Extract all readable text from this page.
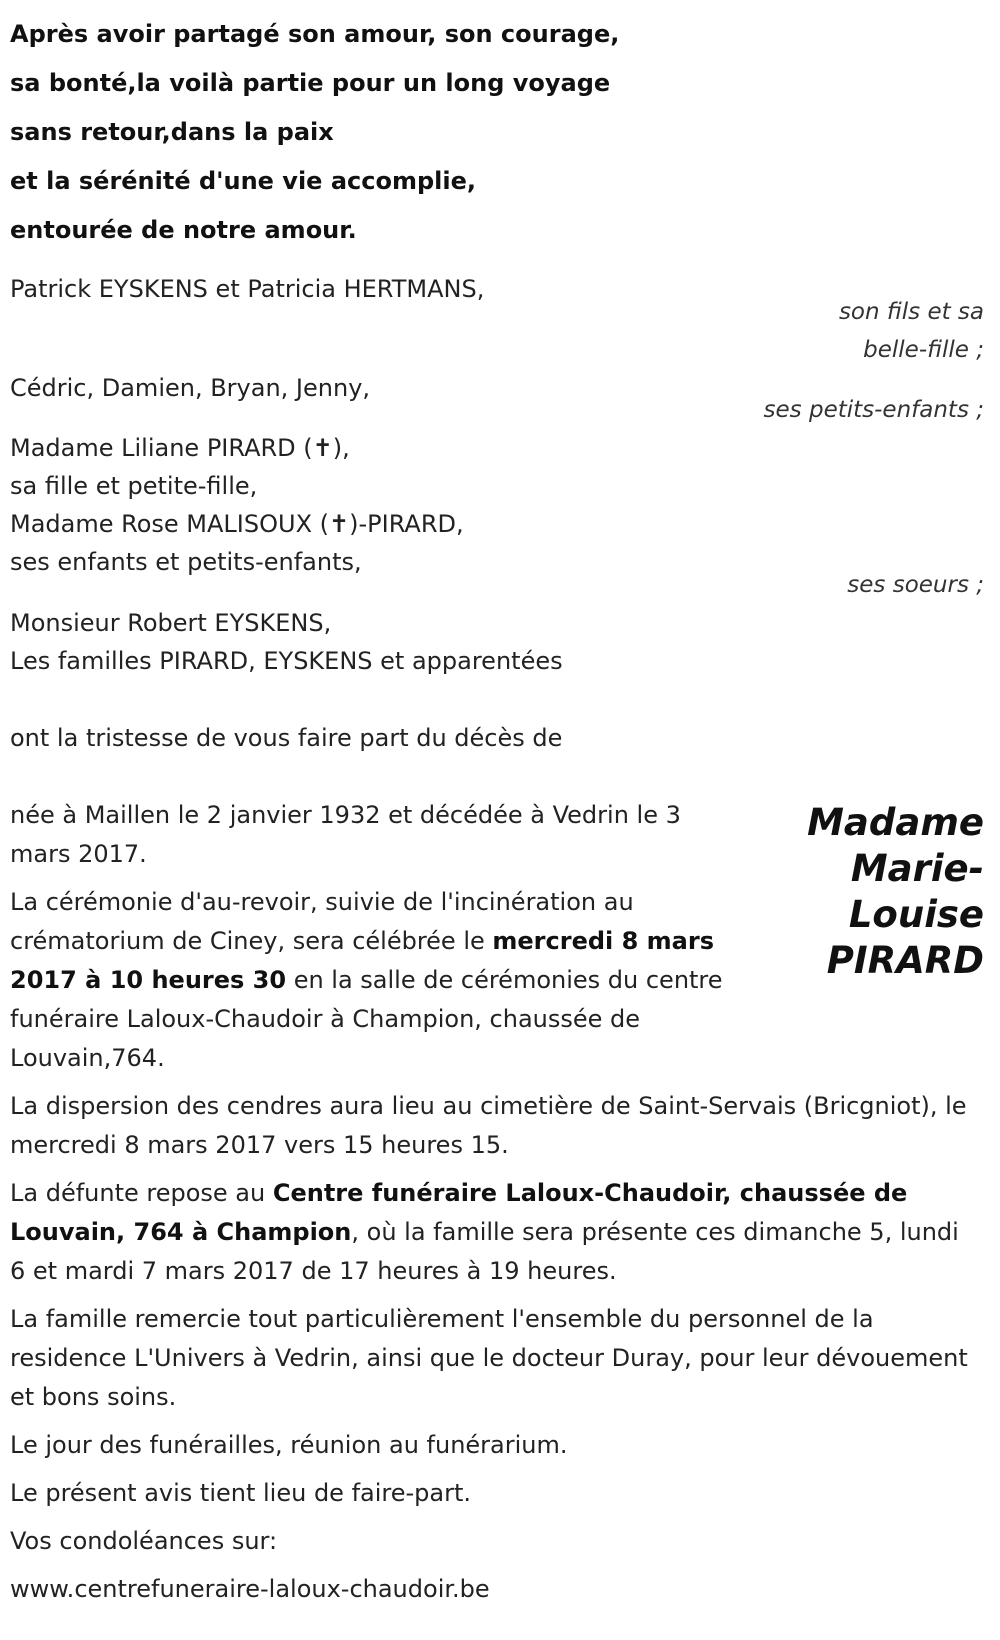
Après avoir partagé son amour, son courage,
sa bonté,la voilà partie pour un long voyage
sans retour,dans la paix
et la sérénité d'une vie accomplie,
entourée de notre amour.
Patrick EYSKENS et Patricia HERTMANS,
son fils et sa
belle-fille ;
Cédric, Damien, Bryan, Jenny,
ses petits-enfants ;
Madame Liliane PIRARD (✝),
sa fille et petite-fille,
Madame Rose MALISOUX (✝)-PIRARD,
ses enfants et petits-enfants,
ses soeurs ;
Monsieur Robert EYSKENS,
Les familles PIRARD, EYSKENS et apparentées
ont la tristesse de vous faire part du décès de
Madame
Marie-
Louise
PIRARD

née à Maillen le 2 janvier 1932 et décédée à Vedrin le 3 mars 2017.

La cérémonie d'au-revoir, suivie de l'incinération au crématorium de Ciney, sera célébrée le mercredi 8 mars 2017 à 10 heures 30 en la salle de cérémonies du centre funéraire Laloux-Chaudoir à Champion, chaussée de Louvain,764.

La dispersion des cendres aura lieu au cimetière de Saint-Servais (Bricgniot), le mercredi 8 mars 2017 vers 15 heures 15.

La défunte repose au Centre funéraire Laloux-Chaudoir, chaussée de Louvain, 764 à Champion, où la famille sera présente ces dimanche 5, lundi 6 et mardi 7 mars 2017 de 17 heures à 19 heures.

La famille remercie tout particulièrement l'ensemble du personnel de la residence L'Univers à Vedrin, ainsi que le docteur Duray, pour leur dévouement et bons soins.

Le jour des funérailles, réunion au funérarium.

Le présent avis tient lieu de faire-part.

Vos condoléances sur:

www.centrefuneraire-laloux-chaudoir.be
